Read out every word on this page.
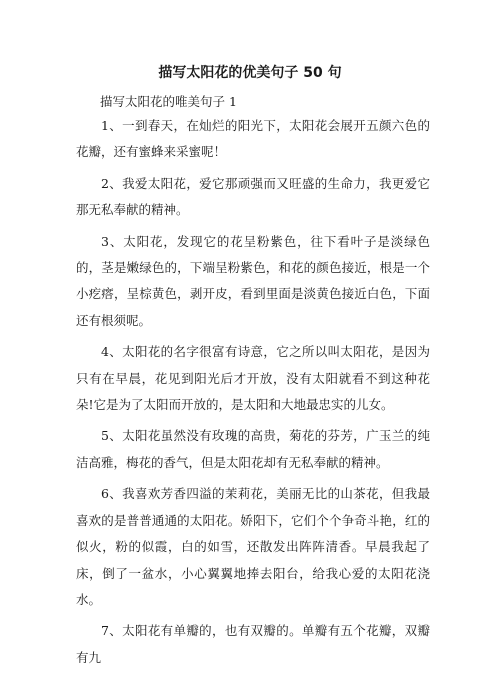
描写太阳花的优美句子 50 句
描写太阳花的唯美句子 1

1、一到春天，在灿烂的阳光下，太阳花会展开五颜六色的花瓣，还有蜜蜂来采蜜呢！

2、我爱太阳花，爱它那顽强而又旺盛的生命力，我更爱它那无私奉献的精神。

3、太阳花，发现它的花呈粉紫色，往下看叶子是淡绿色的，茎是嫩绿色的，下端呈粉紫色，和花的颜色接近，根是一个小疙瘩，呈棕黄色，剥开皮，看到里面是淡黄色接近白色，下面还有根须呢。

4、太阳花的名字很富有诗意，它之所以叫太阳花，是因为只有在早晨，花见到阳光后才开放，没有太阳就看不到这种花朵!它是为了太阳而开放的，是太阳和大地最忠实的儿女。

5、太阳花虽然没有玫瑰的高贵，菊花的芬芳，广玉兰的纯洁高雅，梅花的香气，但是太阳花却有无私奉献的精神。

6、我喜欢芳香四溢的茉莉花，美丽无比的山茶花，但我最喜欢的是普普通通的太阳花。娇阳下，它们个个争奇斗艳，红的似火，粉的似霞，白的如雪，还散发出阵阵清香。早晨我起了床，倒了一盆水，小心翼翼地捧去阳台，给我心爱的太阳花浇水。

7、太阳花有单瓣的，也有双瓣的。单瓣有五个花瓣，双瓣有九
